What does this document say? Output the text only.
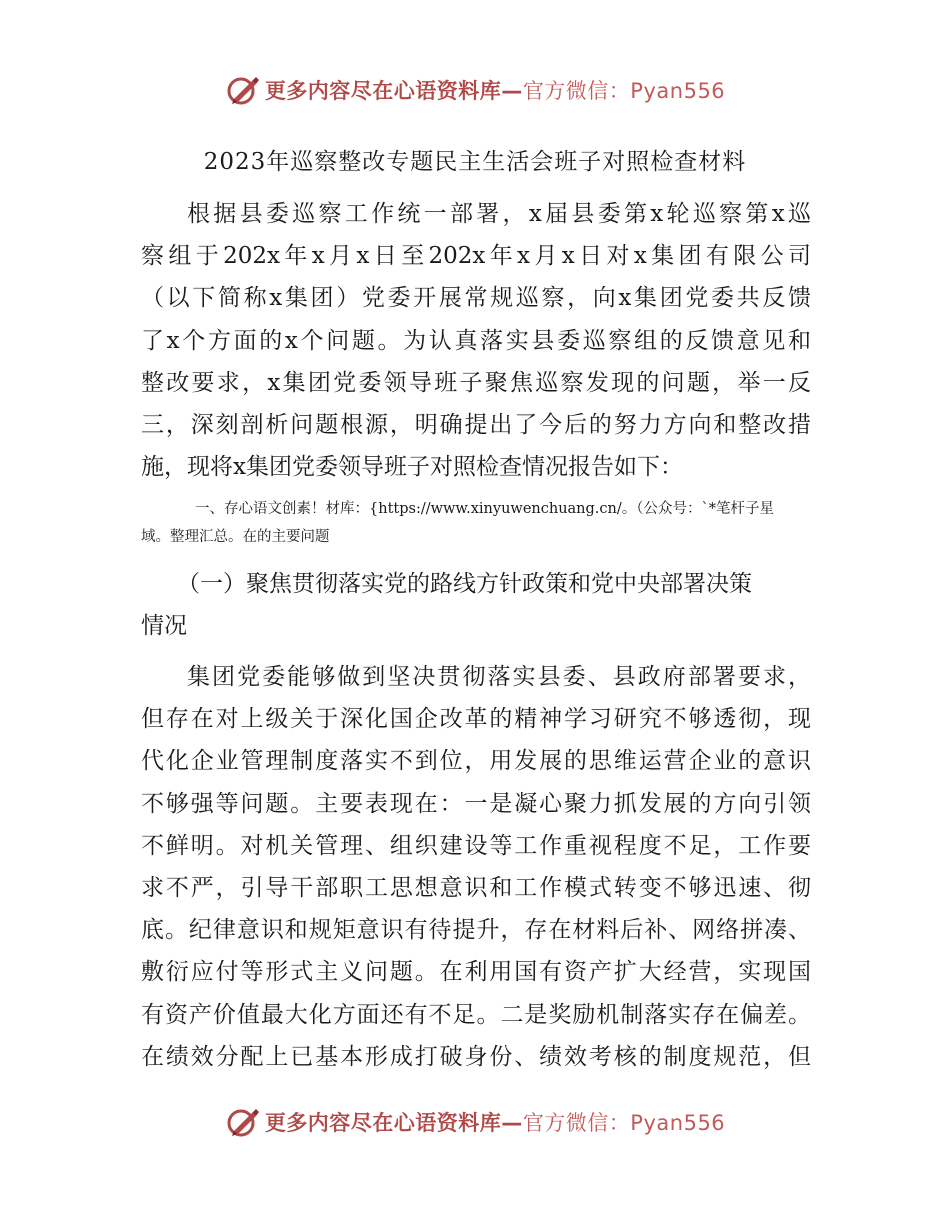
更多内容尽在心语资料库—官方微信：Pyan556
2023年巡察整改专题民主生活会班子对照检查材料

根据县委巡察工作统一部署，x届县委第x轮巡察第x巡
察组于202x年x月x日至202x年x月x日对x集团有限公司
（以下简称x集团）党委开展常规巡察，向x集团党委共反馈
了x个方面的x个问题。为认真落实县委巡察组的反馈意见和
整改要求，x集团党委领导班子聚焦巡察发现的问题，举一反
三，深刻剖析问题根源，明确提出了今后的努力方向和整改措
施，现将x集团党委领导班子对照检查情况报告如下：

一、存心语文创素！材库：{https://www.xinyuwenchuang.cn/。（公众号：`*笔杆子星
域。整理汇总。在的主要问题

（一）聚焦贯彻落实党的路线方针政策和党中央部署决策
情况

集团党委能够做到坚决贯彻落实县委、县政府部署要求，
但存在对上级关于深化国企改革的精神学习研究不够透彻，现
代化企业管理制度落实不到位，用发展的思维运营企业的意识
不够强等问题。主要表现在：一是凝心聚力抓发展的方向引领
不鲜明。对机关管理、组织建设等工作重视程度不足，工作要
求不严，引导干部职工思想意识和工作模式转变不够迅速、彻
底。纪律意识和规矩意识有待提升，存在材料后补、网络拼凑、
敷衍应付等形式主义问题。在利用国有资产扩大经营，实现国
有资产价值最大化方面还有不足。二是奖励机制落实存在偏差。
在绩效分配上已基本形成打破身份、绩效考核的制度规范，但

更多内容尽在心语资料库—官方微信：Pyan556
